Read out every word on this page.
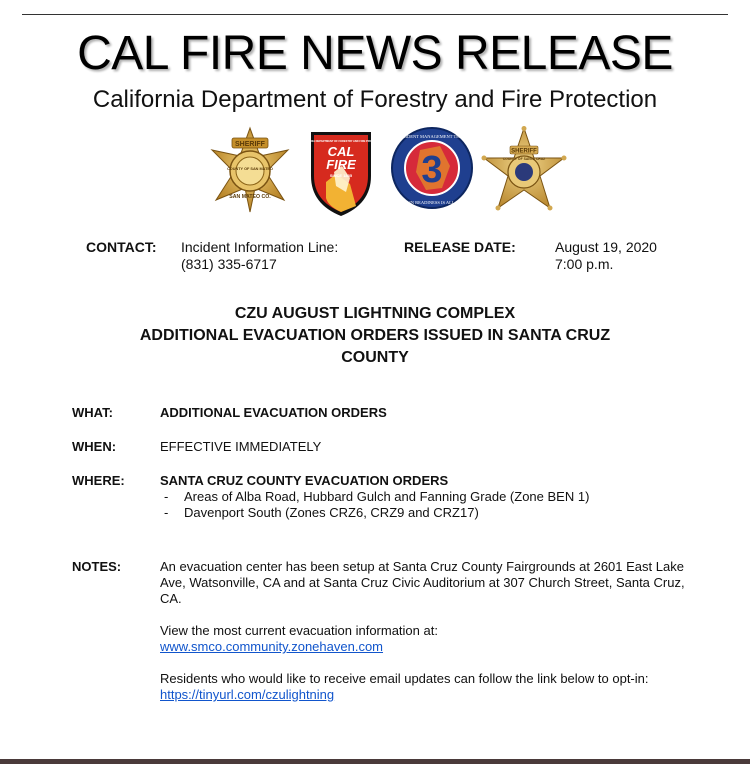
CAL FIRE NEWS RELEASE
California Department of Forestry and Fire Protection
SHERIFF
COUNTY OF SAN MATEO
SAN MATEO CO.
CALIFORNIA DEPARTMENT OF FORESTRY AND FIRE PROTECTION
CAL
FIRE
SINCE 1885
INCIDENT MANAGEMENT TEAM
3
IN READINESS IS ALL
SHERIFF
COUNTY OF SANTA CRUZ
CONTACT: Incident Information Line:
(831) 335-6717
RELEASE DATE:	August 19, 2020
7:00 p.m.
CZU AUGUST LIGHTNING COMPLEX
ADDITIONAL EVACUATION ORDERS ISSUED IN SANTA CRUZ
COUNTY
WHAT:	ADDITIONAL EVACUATION ORDERS
WHEN:	EFFECTIVE IMMEDIATELY
WHERE:	SANTA CRUZ COUNTY EVACUATION ORDERS
- Areas of Alba Road, Hubbard Gulch and Fanning Grade (Zone BEN 1)
- Davenport South (Zones CRZ6, CRZ9 and CRZ17)
NOTES:	An evacuation center has been setup at Santa Cruz County Fairgrounds at 2601 East Lake Ave, Watsonville, CA and at Santa Cruz Civic Auditorium at 307 Church Street, Santa Cruz, CA.

View the most current evacuation information at:
www.smco.community.zonehaven.com

Residents who would like to receive email updates can follow the link below to opt-in: https://tinyurl.com/czulightning
